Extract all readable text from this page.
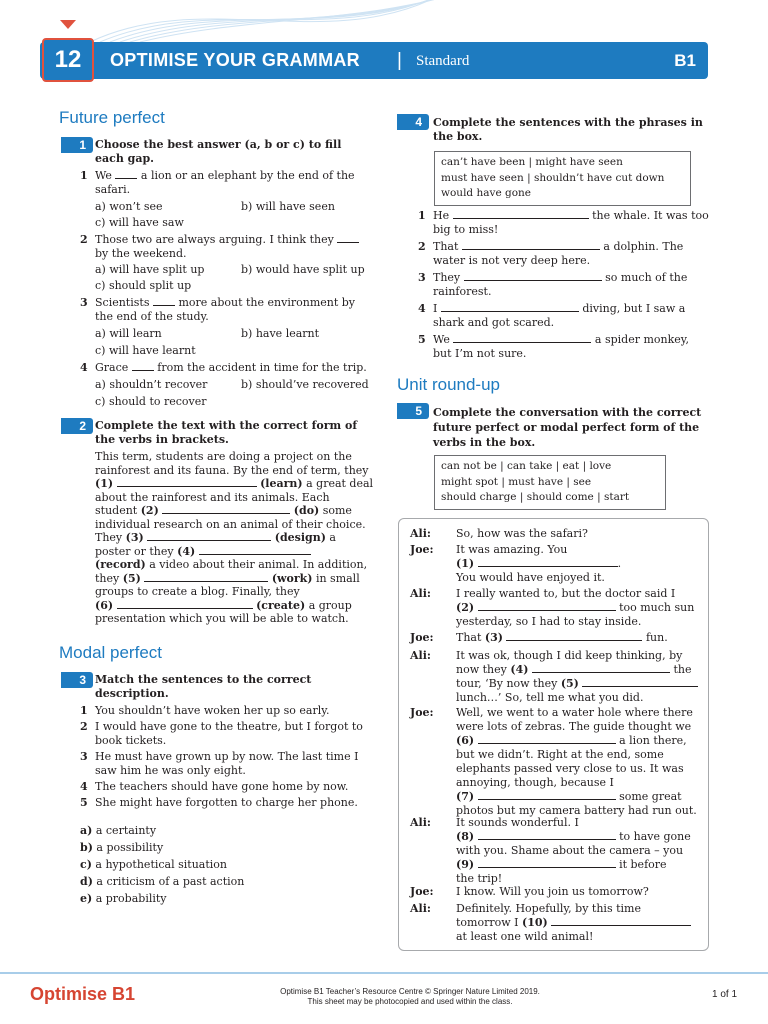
OPTIMISE YOUR GRAMMAR | Standard	B1
12
Future perfect
1 Choose the best answer (a, b or c) to fill
each gap.
1 We	a lion or an elephant by the end of the
safari.
a) won’t see	b) will have seen
c) will have saw
2 Those two are always arguing. I think they
by the weekend.
a) will have split up	b) would have split up
c) should split up
3 Scientists	more about the environment by
the end of the study.
a) will learn	b) have learnt
c) will have learnt
4 Grace	from the accident in time for the trip.
a) shouldn’t recover	b) should’ve recovered
c) should to recover
2 Complete the text with the correct form of
the verbs in brackets.
This term, students are doing a project on the
rainforest and its fauna. By the end of term, they
(1)	(learn) a great deal
about the rainforest and its animals. Each
student (2)	(do) some
individual research on an animal of their choice.
They (3)	(design) a
poster or they (4)
(record) a video about their animal. In addition,
they (5)	(work) in small
groups to create a blog. Finally, they
(6)	(create) a group
presentation which you will be able to watch.
Modal perfect
3 Match the sentences to the correct
description.
1 You shouldn’t have woken her up so early.
2 I would have gone to the theatre, but I forgot to
book tickets.
3 He must have grown up by now. The last time I
saw him he was only eight.
4 The teachers should have gone home by now.
5 She might have forgotten to charge her phone.
a) a certainty
b) a possibility
c) a hypothetical situation
d) a criticism of a past action
e) a probability
4	Complete the sentences with the phrases in
the box.
can’t have been | might have seen
must have seen | shouldn’t have cut down
would have gone
1 He	the whale. It was too
big to miss!
2 That	a dolphin. The
water is not very deep here.
3 They	so much of the
rainforest.
4 I	diving, but I saw a
shark and got scared.
5 We	a spider monkey,
but I’m not sure.
Unit round-up
5	Complete the conversation with the correct
future perfect or modal perfect form of the
verbs in the box.
can not be | can take | eat | love
might spot | must have | see
should charge | should come | start
Ali: So, how was the safari?
Joe: It was amazing. You
(1)	.
You would have enjoyed it.
Ali: I really wanted to, but the doctor said I
(2)	too much sun
yesterday, so I had to stay inside.
Joe: That (3)	fun.
Ali: It was ok, though I did keep thinking, by
now they (4)	the
tour, ‘By now they (5)
lunch…’ So, tell me what you did.
Joe: Well, we went to a water hole where there
were lots of zebras. The guide thought we
(6)	a lion there,
but we didn’t. Right at the end, some
elephants passed very close to us. It was
annoying, though, because I
(7)	some great
photos but my camera battery had run out.
Ali: It sounds wonderful. I
(8)	to have gone
with you. Shame about the camera – you
(9)	it before
the trip!
Joe: I know. Will you join us tomorrow?
Ali: Definitely. Hopefully, by this time
tomorrow I (10)
at least one wild animal!
Optimise B1	Optimise B1 Teacher’s Resource Centre © Springer Nature Limited 2019.
This sheet may be photocopied and used within the class.
1 of 1
